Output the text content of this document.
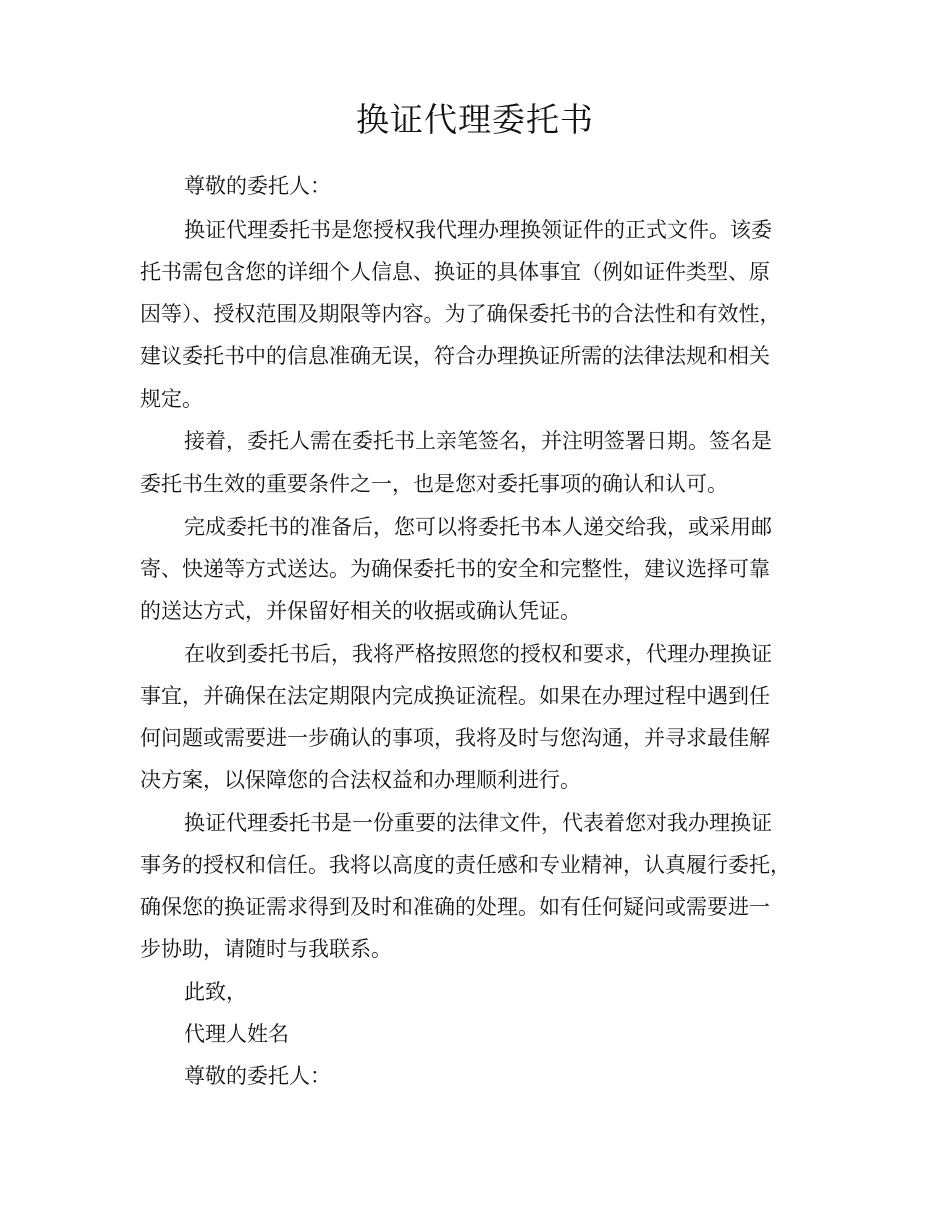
换证代理委托书

尊敬的委托人：

换证代理委托书是您授权我代理办理换领证件的正式文件。该委

托书需包含您的详细个人信息、换证的具体事宜（例如证件类型、原

因等）、授权范围及期限等内容。为了确保委托书的合法性和有效性，

建议委托书中的信息准确无误，符合办理换证所需的法律法规和相关

规定。

接着，委托人需在委托书上亲笔签名，并注明签署日期。签名是

委托书生效的重要条件之一，也是您对委托事项的确认和认可。

完成委托书的准备后，您可以将委托书本人递交给我，或采用邮

寄、快递等方式送达。为确保委托书的安全和完整性，建议选择可靠

的送达方式，并保留好相关的收据或确认凭证。

在收到委托书后，我将严格按照您的授权和要求，代理办理换证

事宜，并确保在法定期限内完成换证流程。如果在办理过程中遇到任

何问题或需要进一步确认的事项，我将及时与您沟通，并寻求最佳解

决方案，以保障您的合法权益和办理顺利进行。

换证代理委托书是一份重要的法律文件，代表着您对我办理换证

事务的授权和信任。我将以高度的责任感和专业精神，认真履行委托，

确保您的换证需求得到及时和准确的处理。如有任何疑问或需要进一

步协助，请随时与我联系。

此致，

代理人姓名

尊敬的委托人：
